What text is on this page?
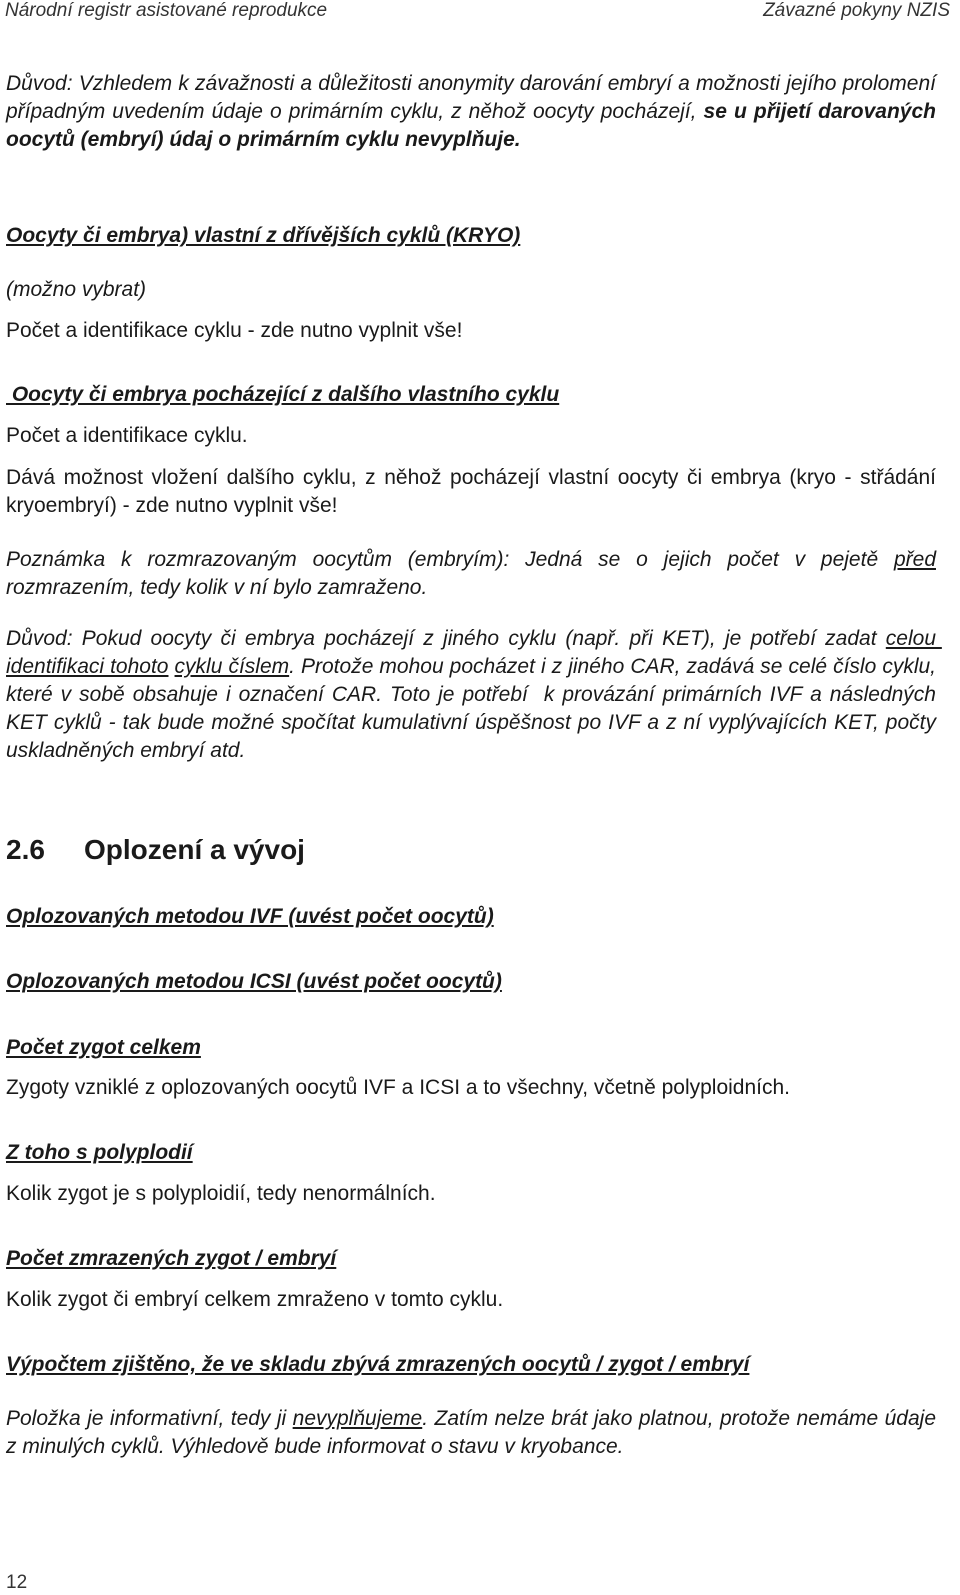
Národní registr asistované reprodukce	Závazné pokyny NZIS

Důvod: Vzhledem k závažnosti a důležitosti anonymity darování embryí a možnosti jejího prolomení případným uvedením údaje o primárním cyklu, z něhož oocyty pocházejí, se u přijetí darovaných oocytů (embryí) údaj o primárním cyklu nevyplňuje.

Oocyty či embrya) vlastní z dřívějších cyklů (KRYO)

(možno vybrat)

Počet a identifikace cyklu - zde nutno vyplnit vše!

Oocyty či embrya pocházející z dalšího vlastního cyklu

Počet a identifikace cyklu.

Dává možnost vložení dalšího cyklu, z něhož pocházejí vlastní oocyty či embrya (kryo - střádání kryoembryí) - zde nutno vyplnit vše!

Poznámka k rozmrazovaným oocytům (embryím): Jedná se o jejich počet v pejetě před rozmrazením, tedy kolik v ní bylo zamraženo.

Důvod: Pokud oocyty či embrya pocházejí z jiného cyklu (např. při KET), je potřebí zadat celou identifikaci tohoto cyklu číslem. Protože mohou pocházet i z jiného CAR, zadává se celé číslo cyklu, které v sobě obsahuje i označení CAR. Toto je potřebí  k provázání primárních IVF a následných KET cyklů - tak bude možné spočítat kumulativní úspěšnost po IVF a z ní vyplývajících KET, počty uskladněných embryí atd.

2.6 Oplození a vývoj

Oplozovaných metodou IVF (uvést počet oocytů)

Oplozovaných metodou ICSI (uvést počet oocytů)

Počet zygot celkem

Zygoty vzniklé z oplozovaných oocytů IVF a ICSI a to všechny, včetně polyploidních.

Z toho s polyplodií

Kolik zygot je s polyploidií, tedy nenormálních.

Počet zmrazených zygot / embryí

Kolik zygot či embryí celkem zmraženo v tomto cyklu.

Výpočtem zjištěno, že ve skladu zbývá zmrazených oocytů / zygot / embryí

Položka je informativní, tedy ji nevyplňujeme. Zatím nelze brát jako platnou, protože nemáme údaje z minulých cyklů. Výhledově bude informovat o stavu v kryobance.

12
